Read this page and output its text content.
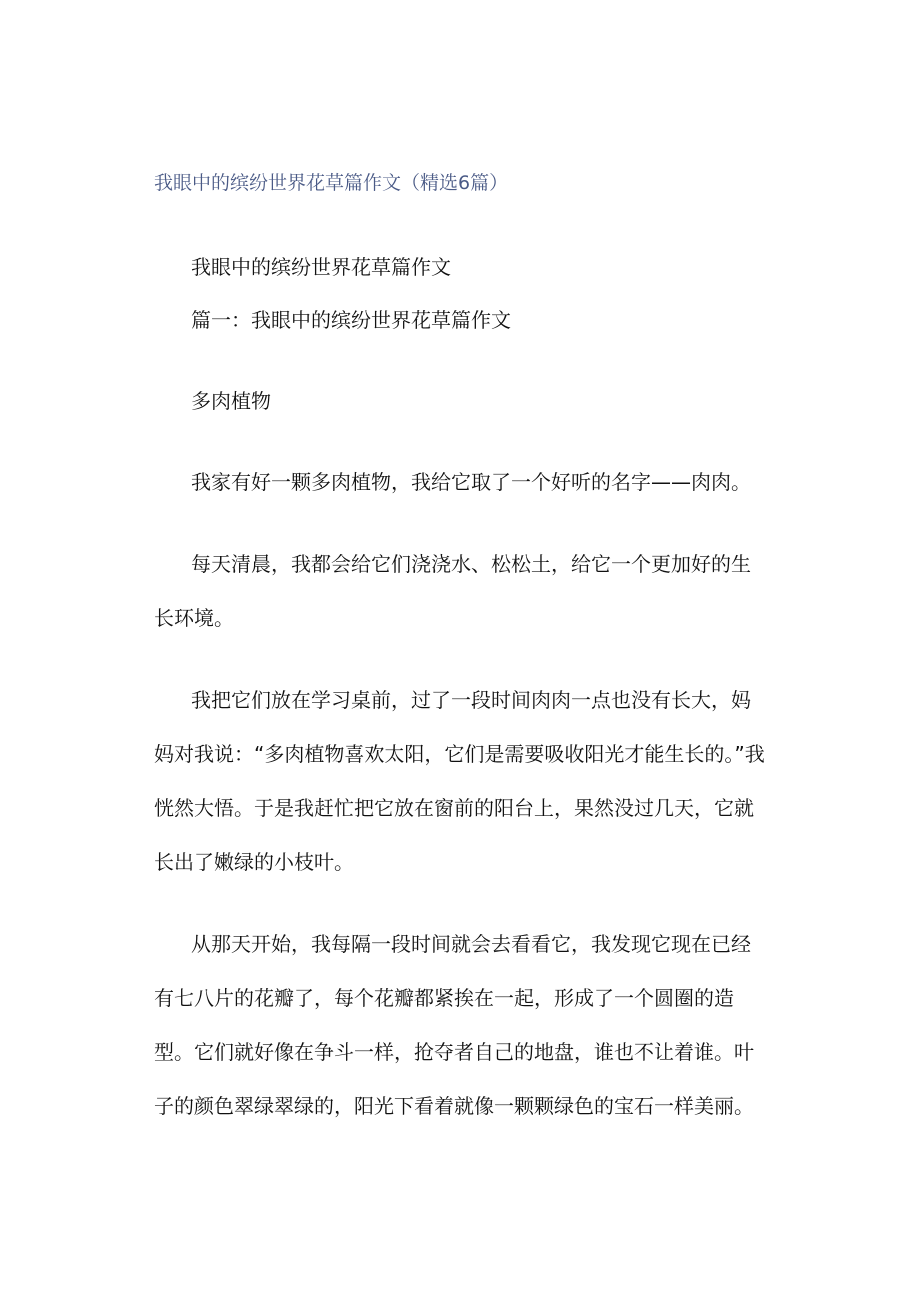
我眼中的缤纷世界花草篇作文（精选6篇）
我眼中的缤纷世界花草篇作文
篇一：我眼中的缤纷世界花草篇作文
多肉植物

我家有好一颗多肉植物，我给它取了一个好听的名字——肉肉。

每天清晨，我都会给它们浇浇水、松松土，给它一个更加好的生长环境。

我把它们放在学习桌前，过了一段时间肉肉一点也没有长大，妈妈对我说：“多肉植物喜欢太阳，它们是需要吸收阳光才能生长的。”我恍然大悟。于是我赶忙把它放在窗前的阳台上，果然没过几天，它就长出了嫩绿的小枝叶。

从那天开始，我每隔一段时间就会去看看它，我发现它现在已经有七八片的花瓣了，每个花瓣都紧挨在一起，形成了一个圆圈的造型。它们就好像在争斗一样，抢夺者自己的地盘，谁也不让着谁。叶子的颜色翠绿翠绿的，阳光下看着就像一颗颗绿色的宝石一样美丽。
